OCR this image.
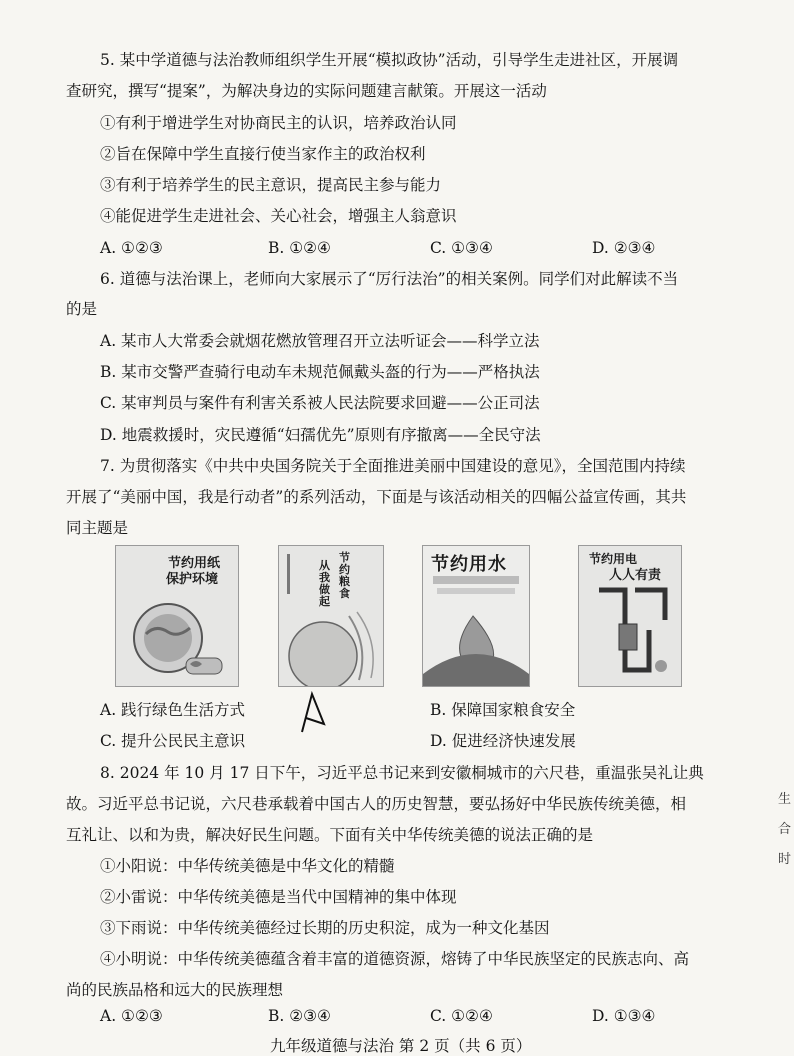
5. 某中学道德与法治教师组织学生开展“模拟政协”活动，引导学生走进社区，开展调
查研究，撰写“提案”，为解决身边的实际问题建言献策。开展这一活动
①有利于增进学生对协商民主的认识，培养政治认同
②旨在保障中学生直接行使当家作主的政治权利
③有利于培养学生的民主意识，提高民主参与能力
④能促进学生走进社会、关心社会，增强主人翁意识
A. ①②③	B. ①②④	C. ①③④	D. ②③④
6. 道德与法治课上，老师向大家展示了“厉行法治”的相关案例。同学们对此解读不当
的是
A. 某市人大常委会就烟花燃放管理召开立法听证会——科学立法
B. 某市交警严查骑行电动车未规范佩戴头盔的行为——严格执法
C. 某审判员与案件有利害关系被人民法院要求回避——公正司法
D. 地震救援时，灾民遵循“妇孺优先”原则有序撤离——全民守法
7. 为贯彻落实《中共中央国务院关于全面推进美丽中国建设的意见》，全国范围内持续
开展了“美丽中国，我是行动者”的系列活动，下面是与该活动相关的四幅公益宣传画，其共
同主题是
节约用纸
保护环境
节约粮食
从我做起
节约用水	节约用电
人人有责
A. 践行绿色生活方式	B. 保障国家粮食安全
C. 提升公民民主意识	D. 促进经济快速发展
8. 2024 年 10 月 17 日下午，习近平总书记来到安徽桐城市的六尺巷，重温张吴礼让典
故。习近平总书记说，六尺巷承载着中国古人的历史智慧，要弘扬好中华民族传统美德，相
互礼让、以和为贵，解决好民生问题。下面有关中华传统美德的说法正确的是
①小阳说：中华传统美德是中华文化的精髓
②小雷说：中华传统美德是当代中国精神的集中体现
③下雨说：中华传统美德经过长期的历史积淀，成为一种文化基因
④小明说：中华传统美德蕴含着丰富的道德资源，熔铸了中华民族坚定的民族志向、高
尚的民族品格和远大的民族理想
A. ①②③	B. ②③④	C. ①②④	D. ①③④
生
合
时
九年级道德与法治 第 2 页（共 6 页）
